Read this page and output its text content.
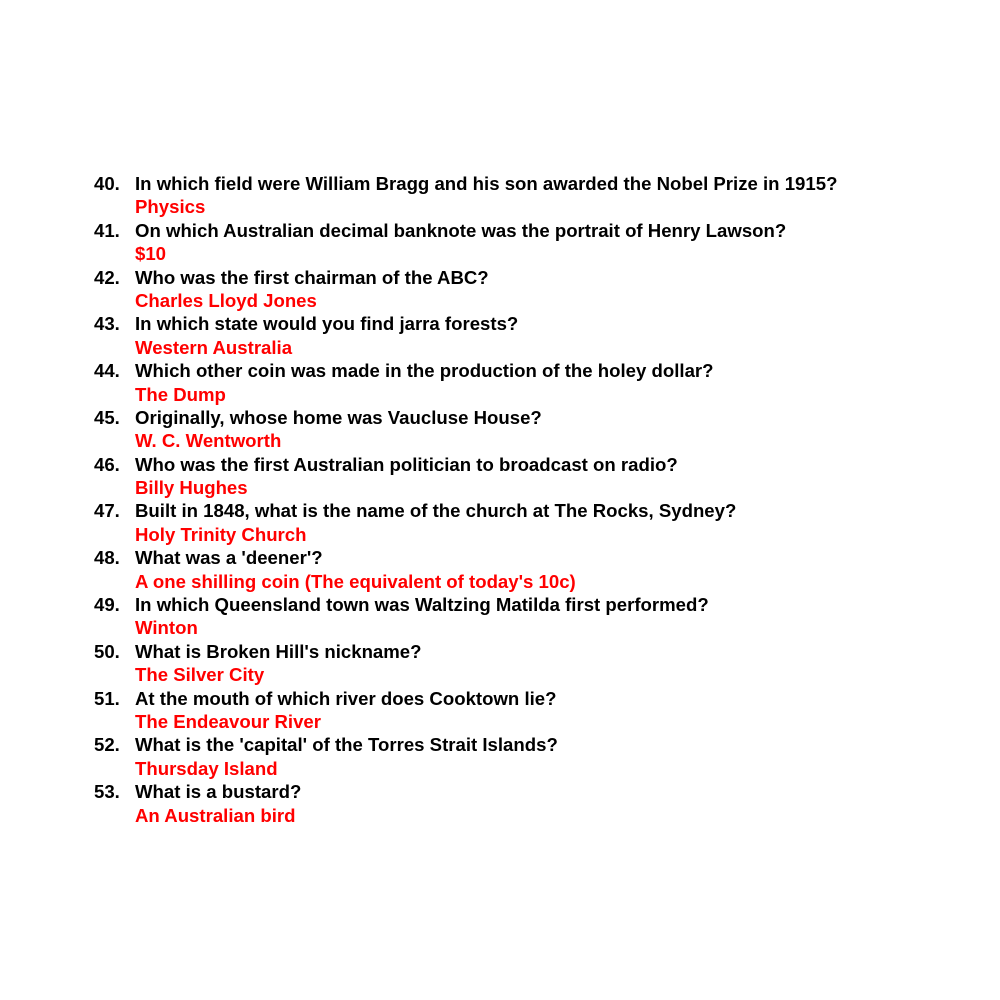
40. In which field were William Bragg and his son awarded the Nobel Prize in 1915?
Physics
41. On which Australian decimal banknote was the portrait of Henry Lawson?
$10
42. Who was the first chairman of the ABC?
Charles Lloyd Jones
43. In which state would you find jarra forests?
Western Australia
44. Which other coin was made in the production of the holey dollar?
The Dump
45. Originally, whose home was Vaucluse House?
W. C. Wentworth
46. Who was the first Australian politician to broadcast on radio?
Billy Hughes
47. Built in 1848, what is the name of the church at The Rocks, Sydney?
Holy Trinity Church
48. What was a 'deener'?
A one shilling coin (The equivalent of today's 10c)
49. In which Queensland town was Waltzing Matilda first performed?
Winton
50. What is Broken Hill's nickname?
The Silver City
51. At the mouth of which river does Cooktown lie?
The Endeavour River
52. What is the 'capital' of the Torres Strait Islands?
Thursday Island
53. What is a bustard?
An Australian bird
